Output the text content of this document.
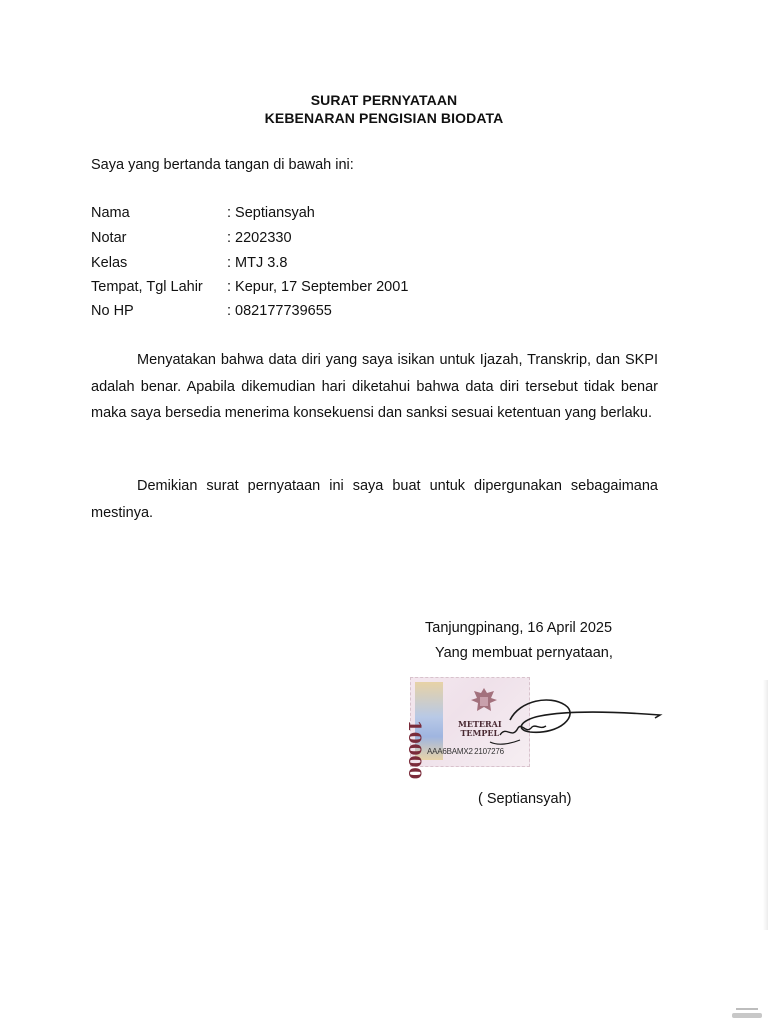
SURAT PERNYATAAN
KEBENARAN PENGISIAN BIODATA
Saya yang bertanda tangan di bawah ini:
Nama	: Septiansyah
Notar	: 2202330
Kelas	: MTJ 3.8
Tempat, Tgl Lahir : Kepur, 17 September 2001
No HP	: 082177739655

Menyatakan bahwa data diri yang saya isikan untuk Ijazah, Transkrip, dan SKPI adalah benar. Apabila dikemudian hari diketahui bahwa data diri tersebut tidak benar maka saya bersedia menerima konsekuensi dan sanksi sesuai ketentuan yang berlaku.

Demikian surat pernyataan ini saya buat untuk dipergunakan sebagaimana mestinya.

Tanjungpinang, 16 April 2025
Yang membuat pernyataan,
10000	METERAI
TEMPEL
AAA6BAMX2 210727​6
( Septiansyah)
